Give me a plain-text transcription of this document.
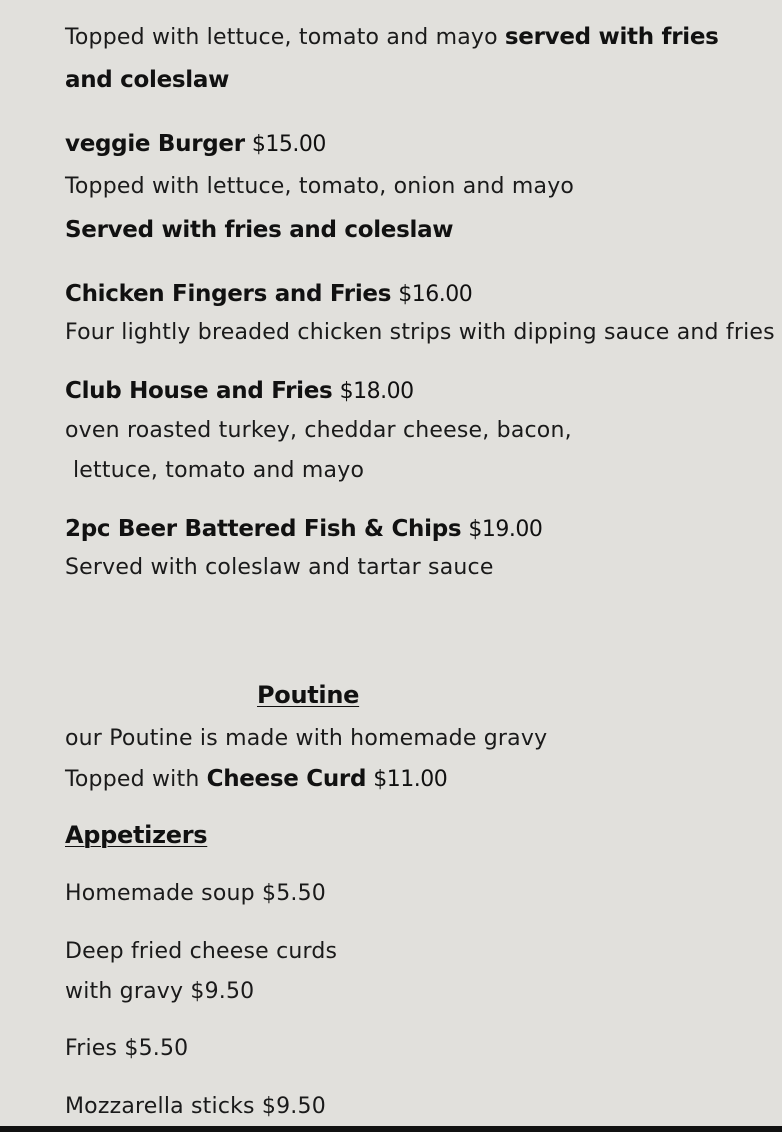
Topped with lettuce, tomato and mayo served with fries
and coleslaw
veggie Burger $15.00
Topped with lettuce, tomato, onion and mayo
Served with fries and coleslaw
Chicken Fingers and Fries $16.00
Four lightly breaded chicken strips with dipping sauce and fries
Club House and Fries $18.00
oven roasted turkey, cheddar cheese, bacon,
lettuce, tomato and mayo
2pc Beer Battered Fish & Chips $19.00
Served with coleslaw and tartar sauce
Poutine
our Poutine is made with homemade gravy
Topped with Cheese Curd $11.00
Appetizers
Homemade soup $5.50
Deep fried cheese curds
with gravy $9.50
Fries $5.50
Mozzarella sticks $9.50
